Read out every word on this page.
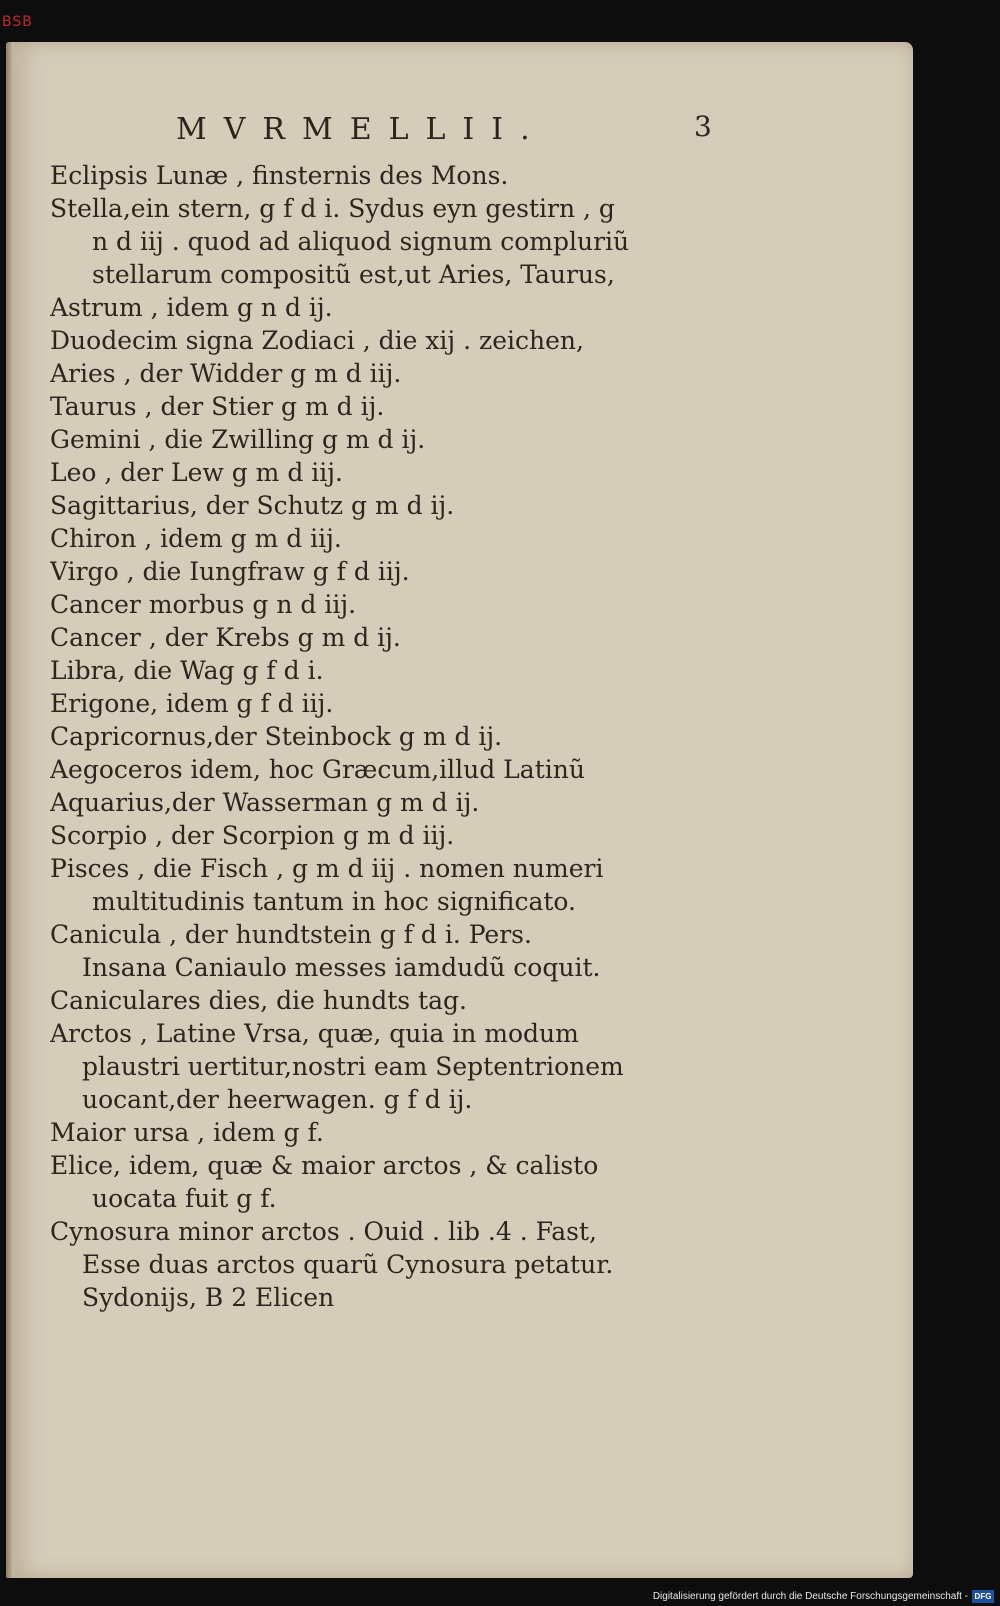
BSB
MVRMELLII.	3
Eclipsis Lunæ , finsternis des Mons.
Stella,ein stern, g f d i. Sydus eyn gestirn , g
n d iij . quod ad aliquod signum compluriũ
stellarum compositũ est,ut Aries, Taurus,
Astrum , idem g n d ij.
Duodecim signa Zodiaci , die xij . zeichen,
Aries , der Widder g m d iij.
Taurus , der Stier g m d ij.
Gemini , die Zwilling g m d ij.
Leo , der Lew g m d iij.
Sagittarius, der Schutz g m d ij.
Chiron , idem g m d iij.
Virgo , die Iungfraw g f d iij.
Cancer morbus g n d iij.
Cancer , der Krebs g m d ij.
Libra, die Wag g f d i.
Erigone, idem g f d iij.
Capricornus,der Steinbock g m d ij.
Aegoceros idem, hoc Græcum,illud Latinũ
Aquarius,der Wasserman g m d ij.
Scorpio , der Scorpion g m d iij.
Pisces , die Fisch , g m d iij . nomen numeri
multitudinis tantum in hoc significato.
Canicula , der hundtstein g f d i. Pers.
Insana Caniaulo messes iamdudũ coquit.
Caniculares dies, die hundts tag.
Arctos , Latine Vrsa, quæ, quia in modum
plaustri uertitur,nostri eam Septentrionem
uocant,der heerwagen. g f d ij.
Maior ursa , idem g f.
Elice, idem, quæ & maior arctos , & calisto
uocata fuit g f.
Cynosura minor arctos . Ouid . lib .4 . Fast,
Esse duas arctos quarũ Cynosura petatur.
Sydonijs, B 2 Elicen
Digitalisierung gefördert durch die Deutsche Forschungsgemeinschaft - DFG
